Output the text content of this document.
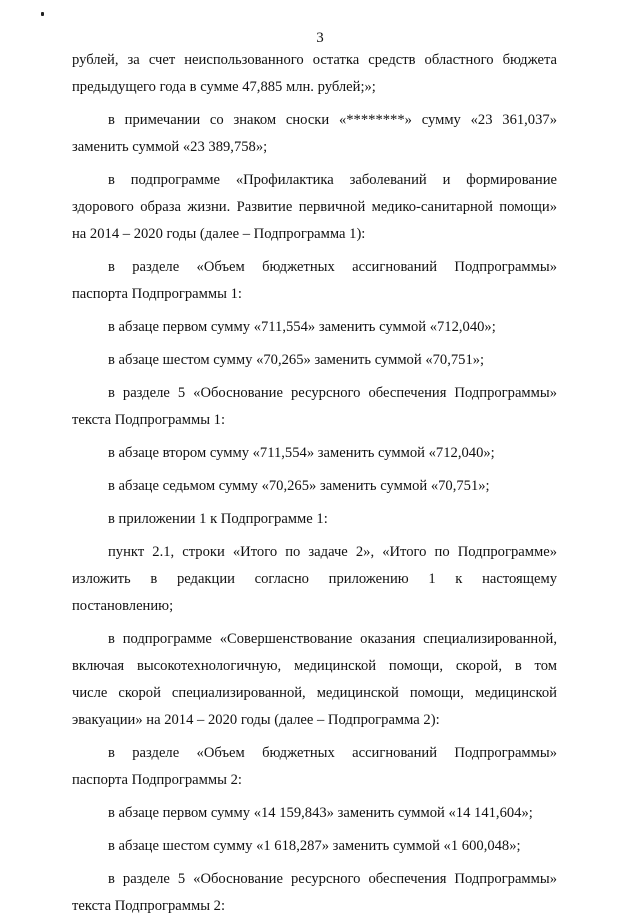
3
рублей, за счет неиспользованного остатка средств областного бюджета
предыдущего года в сумме 47,885 млн. рублей;»;
в примечании со знаком сноски «********» сумму «23 361,037»
заменить суммой «23 389,758»;
в подпрограмме «Профилактика заболеваний и формирование
здорового образа жизни. Развитие первичной медико-санитарной помощи»
на 2014 – 2020 годы (далее – Подпрограмма 1):
в разделе «Объем бюджетных ассигнований Подпрограммы»
паспорта Подпрограммы 1:
в абзаце первом сумму «711,554» заменить суммой «712,040»;
в абзаце шестом сумму «70,265» заменить суммой «70,751»;
в разделе 5 «Обоснование ресурсного обеспечения Подпрограммы»
текста Подпрограммы 1:
в абзаце втором сумму «711,554» заменить суммой «712,040»;
в абзаце седьмом сумму «70,265» заменить суммой «70,751»;
в приложении 1 к Подпрограмме 1:
пункт 2.1, строки «Итого по задаче 2», «Итого по Подпрограмме»
изложить в редакции согласно приложению 1 к настоящему
постановлению;
в подпрограмме «Совершенствование оказания специализированной,
включая высокотехнологичную, медицинской помощи, скорой, в том
числе скорой специализированной, медицинской помощи, медицинской
эвакуации» на 2014 – 2020 годы (далее – Подпрограмма 2):
в разделе «Объем бюджетных ассигнований Подпрограммы»
паспорта Подпрограммы 2:
в абзаце первом сумму «14 159,843» заменить суммой «14 141,604»;
в абзаце шестом сумму «1 618,287» заменить суммой «1 600,048»;
в разделе 5 «Обоснование ресурсного обеспечения Подпрограммы»
текста Подпрограммы 2:
